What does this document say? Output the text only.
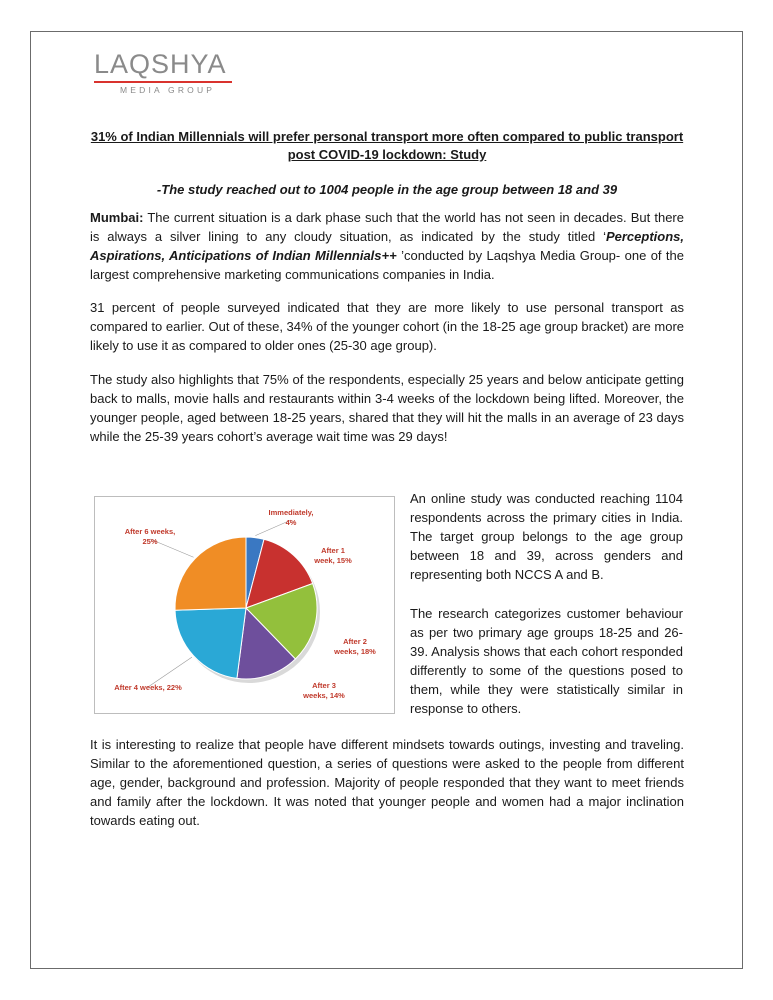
LAQSHYA
MEDIA GROUP
31% of Indian Millennials will prefer personal transport more often compared to public transport post COVID-19 lockdown: Study
-The study reached out to 1004 people in the age group between 18 and 39

Mumbai: The current situation is a dark phase such that the world has not seen in decades. But there is always a silver lining to any cloudy situation, as indicated by the study titled ‘Perceptions, Aspirations, Anticipations of Indian Millennials++ ’conducted by Laqshya Media Group- one of the largest comprehensive marketing communications companies in India.

31 percent of people surveyed indicated that they are more likely to use personal transport as compared to earlier. Out of these, 34% of the younger cohort (in the 18-25 age group bracket) are more likely to use it as compared to older ones (25-30 age group).

The study also highlights that 75% of the respondents, especially 25 years and below anticipate getting back to malls, movie halls and restaurants within 3-4 weeks of the lockdown being lifted. Moreover, the younger people, aged between 18-25 years, shared that they will hit the malls in an average of 23 days while the 25-39 years cohort’s average wait time was 29 days!

Immediately, 4%
After 1 week, 15%
After 2 weeks, 18%
After 3 weeks, 14%
After 4 weeks, 22%
After 6 weeks, 25%

An online study was conducted reaching 1104 respondents across the primary cities in India. The target group belongs to the age group between 18 and 39, across genders and representing both NCCS A and B.

The research categorizes customer behaviour as per two primary age groups 18-25 and 26-39. Analysis shows that each cohort responded differently to some of the questions posed to them, while they were statistically similar in response to others.

It is interesting to realize that people have different mindsets towards outings, investing and traveling. Similar to the aforementioned question, a series of questions were asked to the people from different age, gender, background and profession. Majority of people responded that they want to meet friends and family after the lockdown. It was noted that younger people and women had a major inclination towards eating out.
